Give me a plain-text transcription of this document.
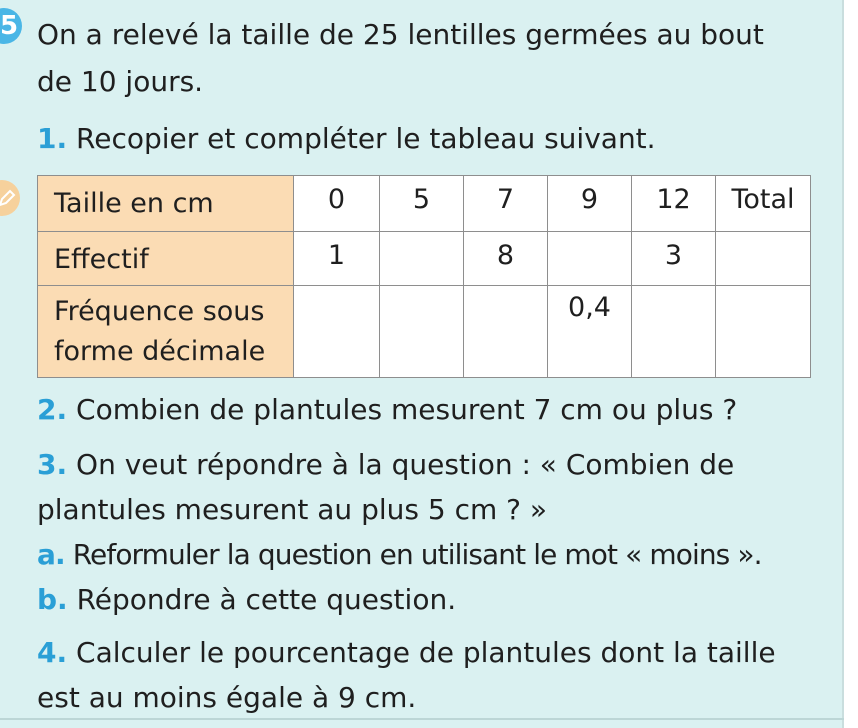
5 On a relevé la taille de 25 lentilles germées au bout
de 10 jours.
1. Recopier et compléter le tableau suivant.
Taille en cm	0	5	7	9	12	Total
Effectif	1		8		3	

Fréquence sous
forme décimale				0,4		
2. Combien de plantules mesurent 7 cm ou plus ?
3. On veut répondre à la question : « Combien de
plantules mesurent au plus 5 cm ? »
a. Reformuler la question en utilisant le mot « moins ».
b. Répondre à cette question.
4. Calculer le pourcentage de plantules dont la taille
est au moins égale à 9 cm.
